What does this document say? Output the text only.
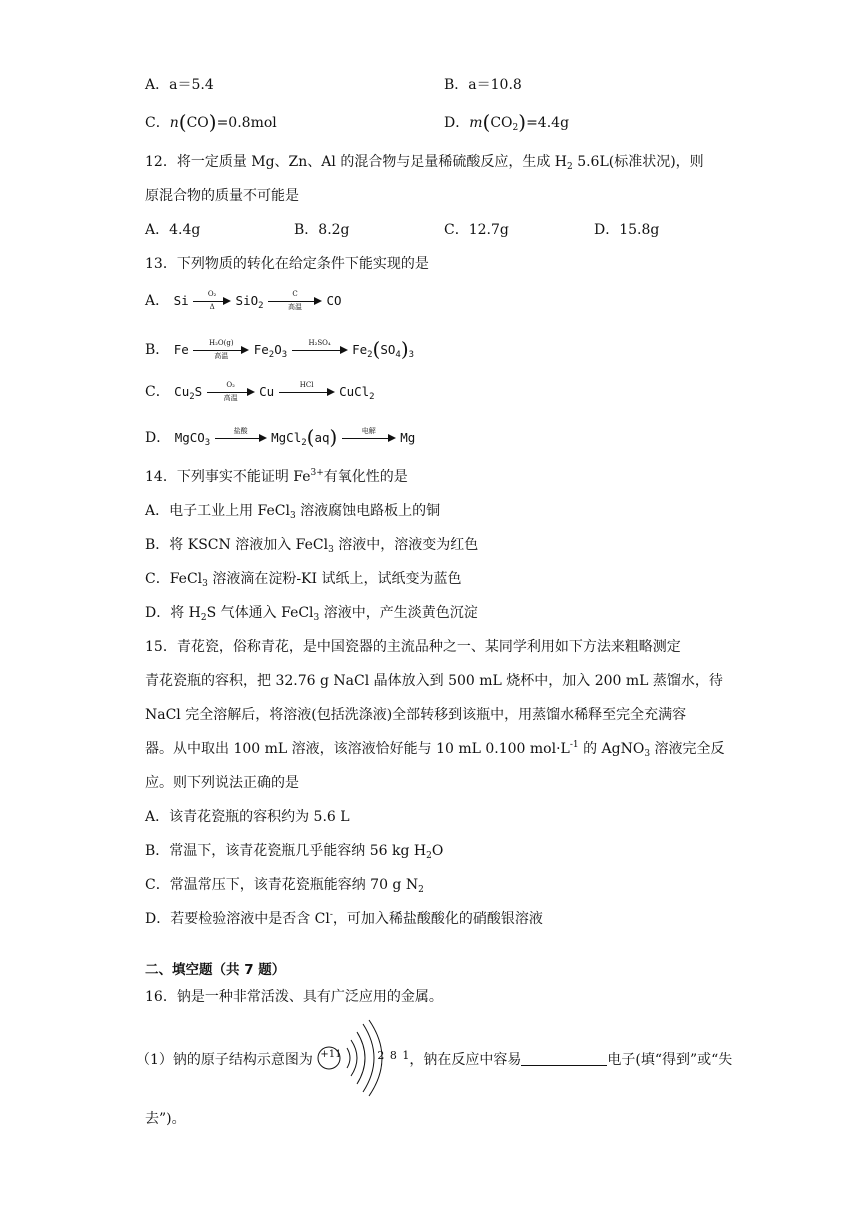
A．a＝5.4	B．a＝10.8
C．n(CO)=0.8mol	D．$m(CO_2)=4.4g$
12．将一定质量 Mg、Zn、Al 的混合物与足量稀硫酸反应，生成 $H_2$ 5.6L(标准状况)，则
原混合物的质量不可能是
A．4.4g	B．8.2g	C．12.7g	D．15.8g
13．下列物质的转化在给定条件下能实现的是
A． Si $\frac{\text{O₂}}{\Delta} SiO_2$
C
高温	CO
B． Fe	H₂O(g)
高温	$Fe_2O_3$
H₂SO₄	$Fe_2(SO_4)_3$
C． $Cu_2S$	O₂
高温	Cu	HCl	CuCl$_2$
D． MgCO$_3$
盐酸	MgCl$_2$(aq)	电解	Mg
14．下列事实不能证明 $Fe^{3+}$有氧化性的是
A．电子工业上用 FeCl$_3$ 溶液腐蚀电路板上的铜
B．将 KSCN 溶液加入 FeCl$_3$ 溶液中，溶液变为红色
C．FeCl$_3$ 溶液滴在淀粉-KI 试纸上，试纸变为蓝色
D．将 $H_2S$ 气体通入 FeCl$_3$ 溶液中，产生淡黄色沉淀
15．青花瓷，俗称青花，是中国瓷器的主流品种之一、某同学利用如下方法来粗略测定
青花瓷瓶的容积，把 32.76 g NaCl 晶体放入到 500 mL 烧杯中，加入 200 mL 蒸馏水，待
NaCl 完全溶解后，将溶液(包括洗涤液)全部转移到该瓶中，用蒸馏水稀释至完全充满容
器。从中取出 100 mL 溶液，该溶液恰好能与 10 mL 0.100 $mol\cdot L^{-1}$ 的 AgNO$_3$ 溶液完全反
应。则下列说法正确的是
A．该青花瓷瓶的容积约为 5.6 L
B．常温下，该青花瓷瓶几乎能容纳 56 kg $H_2O$
C．常温常压下，该青花瓷瓶能容纳 70 g $N_2$
D．若要检验溶液中是否含 Cl-，可加入稀盐酸酸化的硝酸银溶液
二、填空题（共 7 题）
16．钠是一种非常活泼、具有广泛应用的金属。
（1）钠的原子结构示意图为 +11	2 8 1 ，钠在反应中容易	电子(填“得到”或“失
去”)。
